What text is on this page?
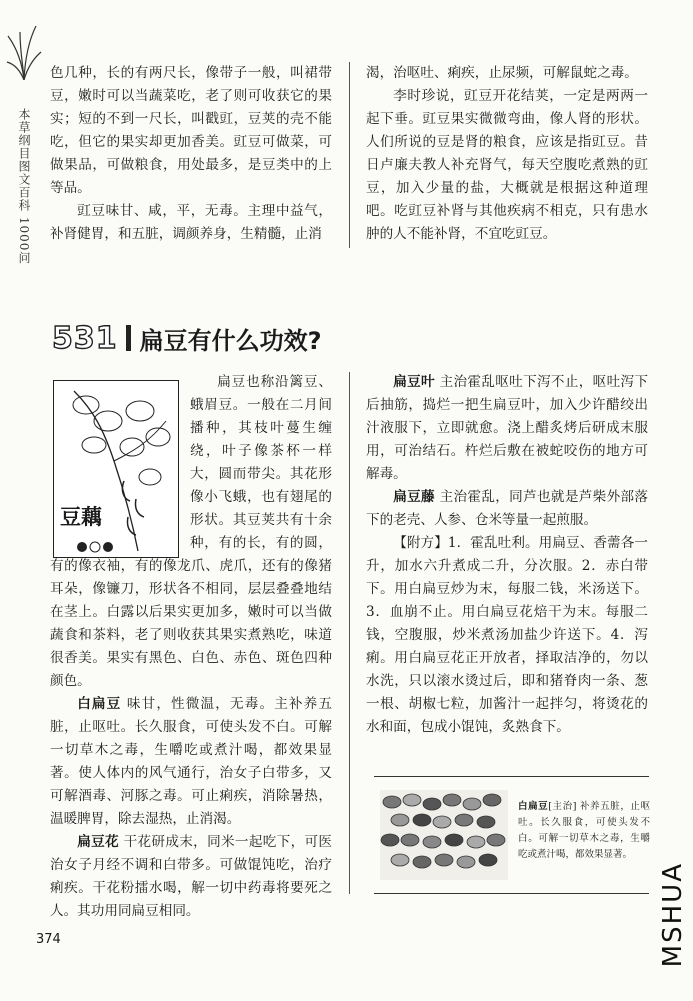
本草纲目图文百科 1000问

色几种，长的有两尺长，像带子一般，叫裙带豆，嫩时可以当蔬菜吃，老了则可收获它的果实；短的不到一尺长，叫戳豇，豆荚的壳不能吃，但它的果实却更加香美。豇豆可做菜，可做果品，可做粮食，用处最多，是豆类中的上等品。

豇豆味甘、咸，平，无毒。主理中益气，补肾健胃，和五脏，调颜养身，生精髓，止消

渴，治呕吐、痢疾，止尿频，可解鼠蛇之毒。

李时珍说，豇豆开花结荚，一定是两两一起下垂。豇豆果实微微弯曲，像人肾的形状。人们所说的豆是肾的粮食，应该是指豇豆。昔日卢廉夫教人补充肾气，每天空腹吃煮熟的豇豆，加入少量的盐，大概就是根据这种道理吧。吃豇豆补肾与其他疾病不相克，只有患水肿的人不能补肾，不宜吃豇豆。

531 扁豆有什么功效?
豆藕

扁豆也称沿篱豆、蛾眉豆。一般在二月间播种，其枝叶蔓生缠绕，叶子像茶杯一样大，圆而带尖。其花形像小飞蛾，也有翅尾的形状。其豆荚共有十余种，有的长，有的圆，有的像衣袖，有的像龙爪、虎爪，还有的像猪耳朵，像镰刀，形状各不相同，层层叠叠地结在茎上。白露以后果实更加多，嫩时可以当做蔬食和茶料，老了则收获其果实煮熟吃，味道很香美。果实有黑色、白色、赤色、斑色四种颜色。

白扁豆 味甘，性微温，无毒。主补养五脏，止呕吐。长久服食，可使头发不白。可解一切草木之毒，生嚼吃或煮汁喝，都效果显著。使人体内的风气通行，治女子白带多，又可解酒毒、河豚之毒。可止痢疾，消除暑热，温暖脾胃，除去湿热，止消渴。

扁豆花 干花研成末，同米一起吃下，可医治女子月经不调和白带多。可做馄饨吃，治疗痢疾。干花粉擂水喝，解一切中药毒将要死之人。其功用同扁豆相同。

扁豆叶 主治霍乱呕吐下泻不止，呕吐泻下后抽筋，捣烂一把生扁豆叶，加入少许醋绞出汁液服下，立即就愈。浇上醋炙烤后研成末服用，可治结石。杵烂后敷在被蛇咬伤的地方可解毒。

扁豆藤 主治霍乱，同芦也就是芦柴外部落下的老壳、人参、仓米等量一起煎服。

【附方】1．霍乱吐利。用扁豆、香薷各一升，加水六升煮成二升，分次服。2．赤白带下。用白扁豆炒为末，每服二钱，米汤送下。3．血崩不止。用白扁豆花焙干为末。每服二钱，空腹服，炒米煮汤加盐少许送下。4．泻痢。用白扁豆花正开放者，择取洁净的，勿以水洗，只以滚水烫过后，即和猪脊肉一条、葱一根、胡椒七粒，加酱汁一起拌匀，将烫花的水和面，包成小馄饨，炙熟食下。

白扁豆[主治] 补养五脏，止呕吐。长久服食，可使头发不白。可解一切草木之毒，生嚼吃或煮汁喝，都效果显著。
374	MSHUA
